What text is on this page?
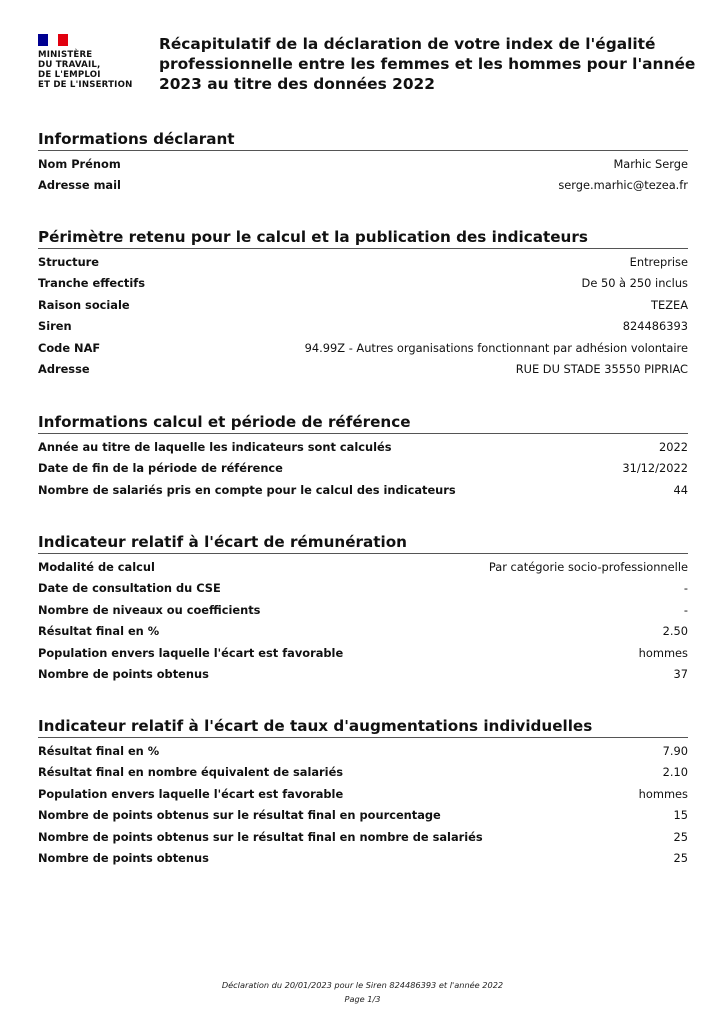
MINISTÈRE
DU TRAVAIL,
DE L'EMPLOI
ET DE L'INSERTION
Récapitulatif de la déclaration de votre index de l'égalité professionnelle entre les femmes et les hommes pour l'année 2023 au titre des données 2022
Informations déclarant
Nom Prénom	Marhic Serge
Adresse mail	serge.marhic@tezea.fr
Périmètre retenu pour le calcul et la publication des indicateurs
Structure	Entreprise
Tranche effectifs	De 50 à 250 inclus
Raison sociale	TEZEA
Siren	824486393
Code NAF	94.99Z - Autres organisations fonctionnant par adhésion volontaire
Adresse	RUE DU STADE 35550 PIPRIAC
Informations calcul et période de référence
Année au titre de laquelle les indicateurs sont calculés	2022
Date de fin de la période de référence	31/12/2022
Nombre de salariés pris en compte pour le calcul des indicateurs	44
Indicateur relatif à l'écart de rémunération
Modalité de calcul	Par catégorie socio-professionnelle
Date de consultation du CSE	-
Nombre de niveaux ou coefficients	-
Résultat final en %	2.50
Population envers laquelle l'écart est favorable	hommes
Nombre de points obtenus	37
Indicateur relatif à l'écart de taux d'augmentations individuelles
Résultat final en %	7.90
Résultat final en nombre équivalent de salariés	2.10
Population envers laquelle l'écart est favorable	hommes
Nombre de points obtenus sur le résultat final en pourcentage	15
Nombre de points obtenus sur le résultat final en nombre de salariés	25
Nombre de points obtenus	25
Déclaration du 20/01/2023 pour le Siren 824486393 et l'année 2022
Page 1/3
